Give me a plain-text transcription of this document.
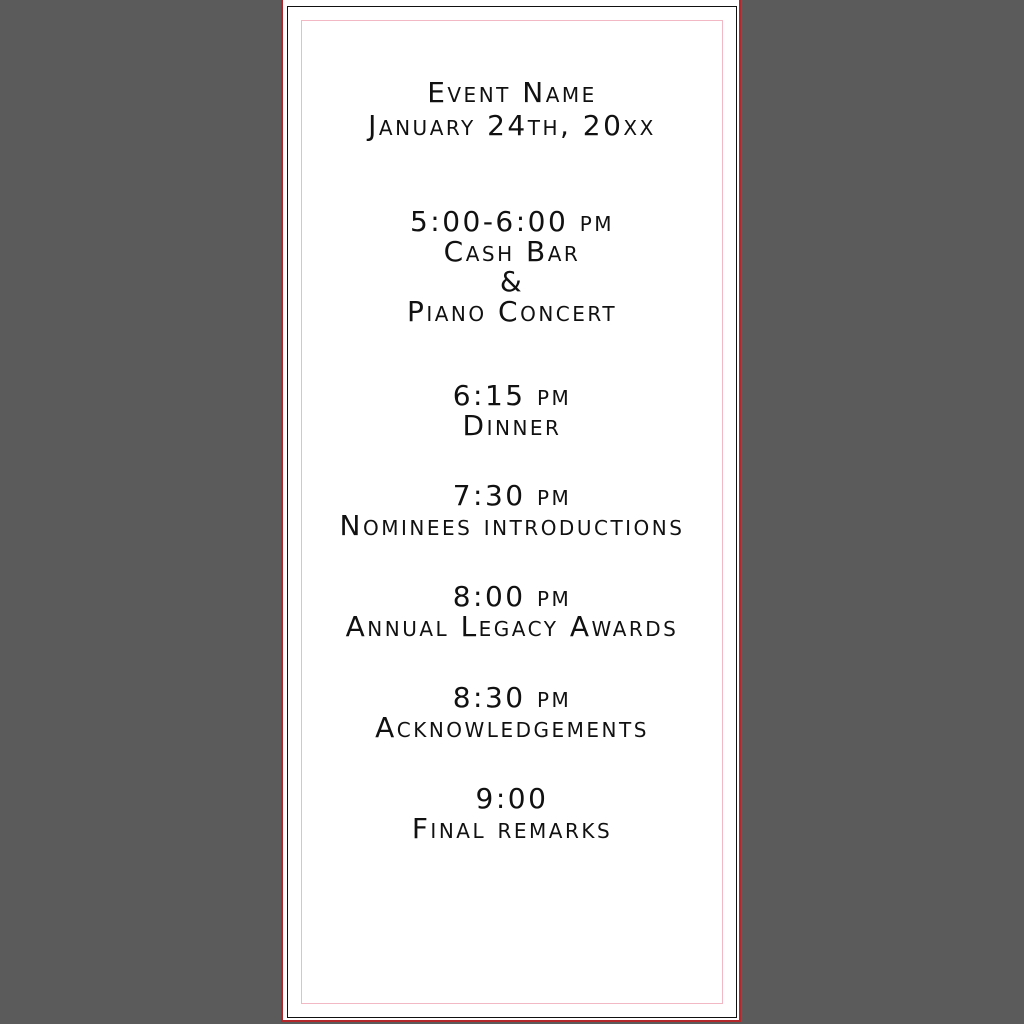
Event Name
January 24th, 20xx
5:00-6:00 pm
Cash Bar
&
Piano Concert
6:15 pm
Dinner
7:30 pm
Nominees introductions
8:00 pm
Annual Legacy Awards
8:30 pm
Acknowledgements
9:00
Final remarks
